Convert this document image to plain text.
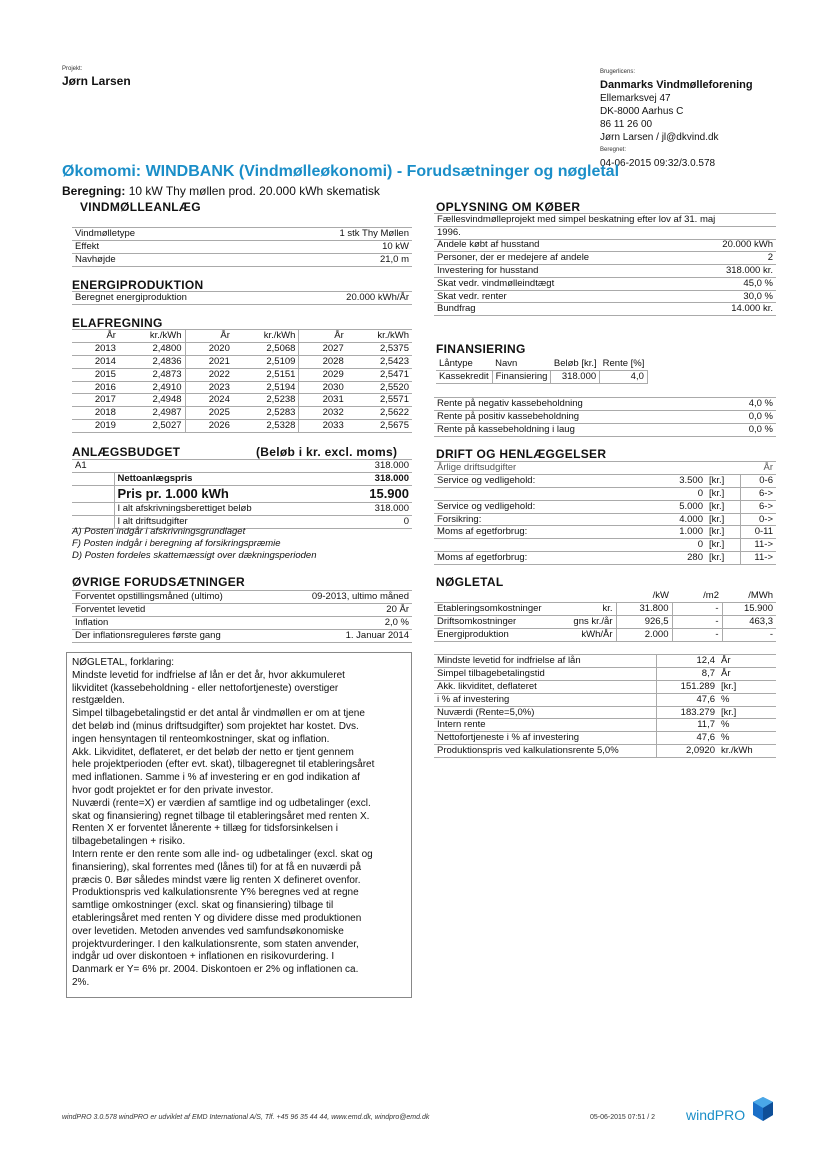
Projekt:
Jørn Larsen
Brugerlicens:
Danmarks Vindmølleforening
Ellemarksvej 47
DK-8000 Aarhus C
86 11 26 00
Jørn Larsen / jl@dkvind.dk
Beregnet:
04-06-2015 09:32/3.0.578
Økomomi: WINDBANK (Vindmølleøkonomi) - Forudsætninger og nøgletal
Beregning: 10 kW Thy møllen prod. 20.000 kWh skematisk
VINDMØLLEANLÆG
Vindmølletype	1 stk Thy Møllen
Effekt	10 kW
Navhøjde	21,0 m
ENERGIPRODUKTION
Beregnet energiproduktion	20.000 kWh/År
ELAFREGNING
År	kr./kWh	År	kr./kWh	År	kr./kWh
2013	2,4800	2020	2,5068	2027	2,5375
2014	2,4836	2021	2,5109	2028	2,5423
2015	2,4873	2022	2,5151	2029	2,5471
2016	2,4910	2023	2,5194	2030	2,5520
2017	2,4948	2024	2,5238	2031	2,5571
2018	2,4987	2025	2,5283	2032	2,5622
2019	2,5027	2026	2,5328	2033	2,5675
ANLÆGSBUDGET	(Beløb i kr. excl. moms)
A1		318.000
	Nettoanlægspris	318.000
	Pris pr. 1.000 kWh	15.900
	I alt afskrivningsberettiget beløb	318.000
	I alt driftsudgifter	0
A) Posten indgår i afskrivningsgrundlaget
F) Posten indgår i beregning af forsikringspræmie
D) Posten fordeles skattemæssigt over dækningsperioden
ØVRIGE FORUDSÆTNINGER
Forventet opstillingsmåned (ultimo)	09-2013, ultimo måned
Forventet levetid	20 År
Inflation	2,0 %
Der inflationsreguleres første gang	1. Januar 2014
NØGLETAL, forklaring:
Mindste levetid for indfrielse af lån er det år, hvor akkumuleret
likviditet (kassebeholdning - eller nettofortjeneste) overstiger
restgælden.
Simpel tilbagebetalingstid er det antal år vindmøllen er om at tjene
det beløb ind (minus driftsudgifter) som projektet har kostet. Dvs.
ingen hensyntagen til renteomkostninger, skat og inflation.
Akk. Likviditet, deflateret, er det beløb der netto er tjent gennem
hele projektperioden (efter evt. skat), tilbageregnet til etableringsåret
med inflationen. Samme i % af investering er en god indikation af
hvor godt projektet er for den private investor.
Nuværdi (rente=X) er værdien af samtlige ind og udbetalinger (excl.
skat og finansiering) regnet tilbage til etableringsåret med renten X.
Renten X er forventet lånerente + tillæg for tidsforsinkelsen i
tilbagebetalingen + risiko.
Intern rente er den rente som alle ind- og udbetalinger (excl. skat og
finansiering), skal forrentes med (lånes til) for at få en nuværdi på
præcis 0. Bør således mindst være lig renten X defineret ovenfor.
Produktionspris ved kalkulationsrente Y% beregnes ved at regne
samtlige omkostninger (excl. skat og finansiering) tilbage til
etableringsåret med renten Y og dividere disse med produktionen
over levetiden. Metoden anvendes ved samfundsøkonomiske
projektvurderinger. I den kalkulationsrente, som staten anvender,
indgår ud over diskontoen + inflationen en risikovurdering. I
Danmark er Y= 6% pr. 2004. Diskontoen er 2% og inflationen ca.
2%.
OPLYSNING OM KØBER
Fællesvindmølleprojekt med simpel beskatning efter lov af 31. maj
1996.
Andele købt af husstand	20.000 kWh
Personer, der er medejere af andele	2
Investering for husstand	318.000 kr.
Skat vedr. vindmølleindtægt	45,0 %
Skat vedr. renter	30,0 %
Bundfrag	14.000 kr.
FINANSIERING
Låntype	Navn	Beløb [kr.]	Rente [%]
Kassekredit	Finansiering	318.000	4,0
Rente på negativ kassebeholdning	4,0 %
Rente på positiv kassebeholdning	0,0 %
Rente på kassebeholdning i laug	0,0 %
DRIFT OG HENLÆGGELSER
Årlige driftsudgifter			År
Service og vedligehold:	3.500	[kr.]	0-6
	0	[kr.]	6->
Service og vedligehold:	5.000	[kr.]	6->
Forsikring:	4.000	[kr.]	0->
Moms af egetforbrug:	1.000	[kr.]	0-11
	0	[kr.]	11->
Moms af egetforbrug:	280	[kr.]	11->
NØGLETAL
		/kW	/m2	/MWh
Etableringsomkostninger	kr.	31.800	-	15.900
Driftsomkostninger	gns kr./år	926,5	-	463,3
Energiproduktion	kWh/År	2.000	-	-
Mindste levetid for indfrielse af lån	12,4	År
Simpel tilbagebetalingstid	8,7	År
Akk. likviditet, deflateret	151.289	[kr.]
i % af investering	47,6	%
Nuværdi (Rente=5,0%)	183.279	[kr.]
Intern rente	11,7	%
Nettofortjeneste i % af investering	47,6	%
Produktionspris ved kalkulationsrente 5,0%	2,0920	kr./kWh
windPRO 3.0.578 windPRO er udviklet af EMD International A/S, Tlf. +45 96 35 44 44, www.emd.dk, windpro@emd.dk	05-06-2015 07:51 / 2 windPRO
